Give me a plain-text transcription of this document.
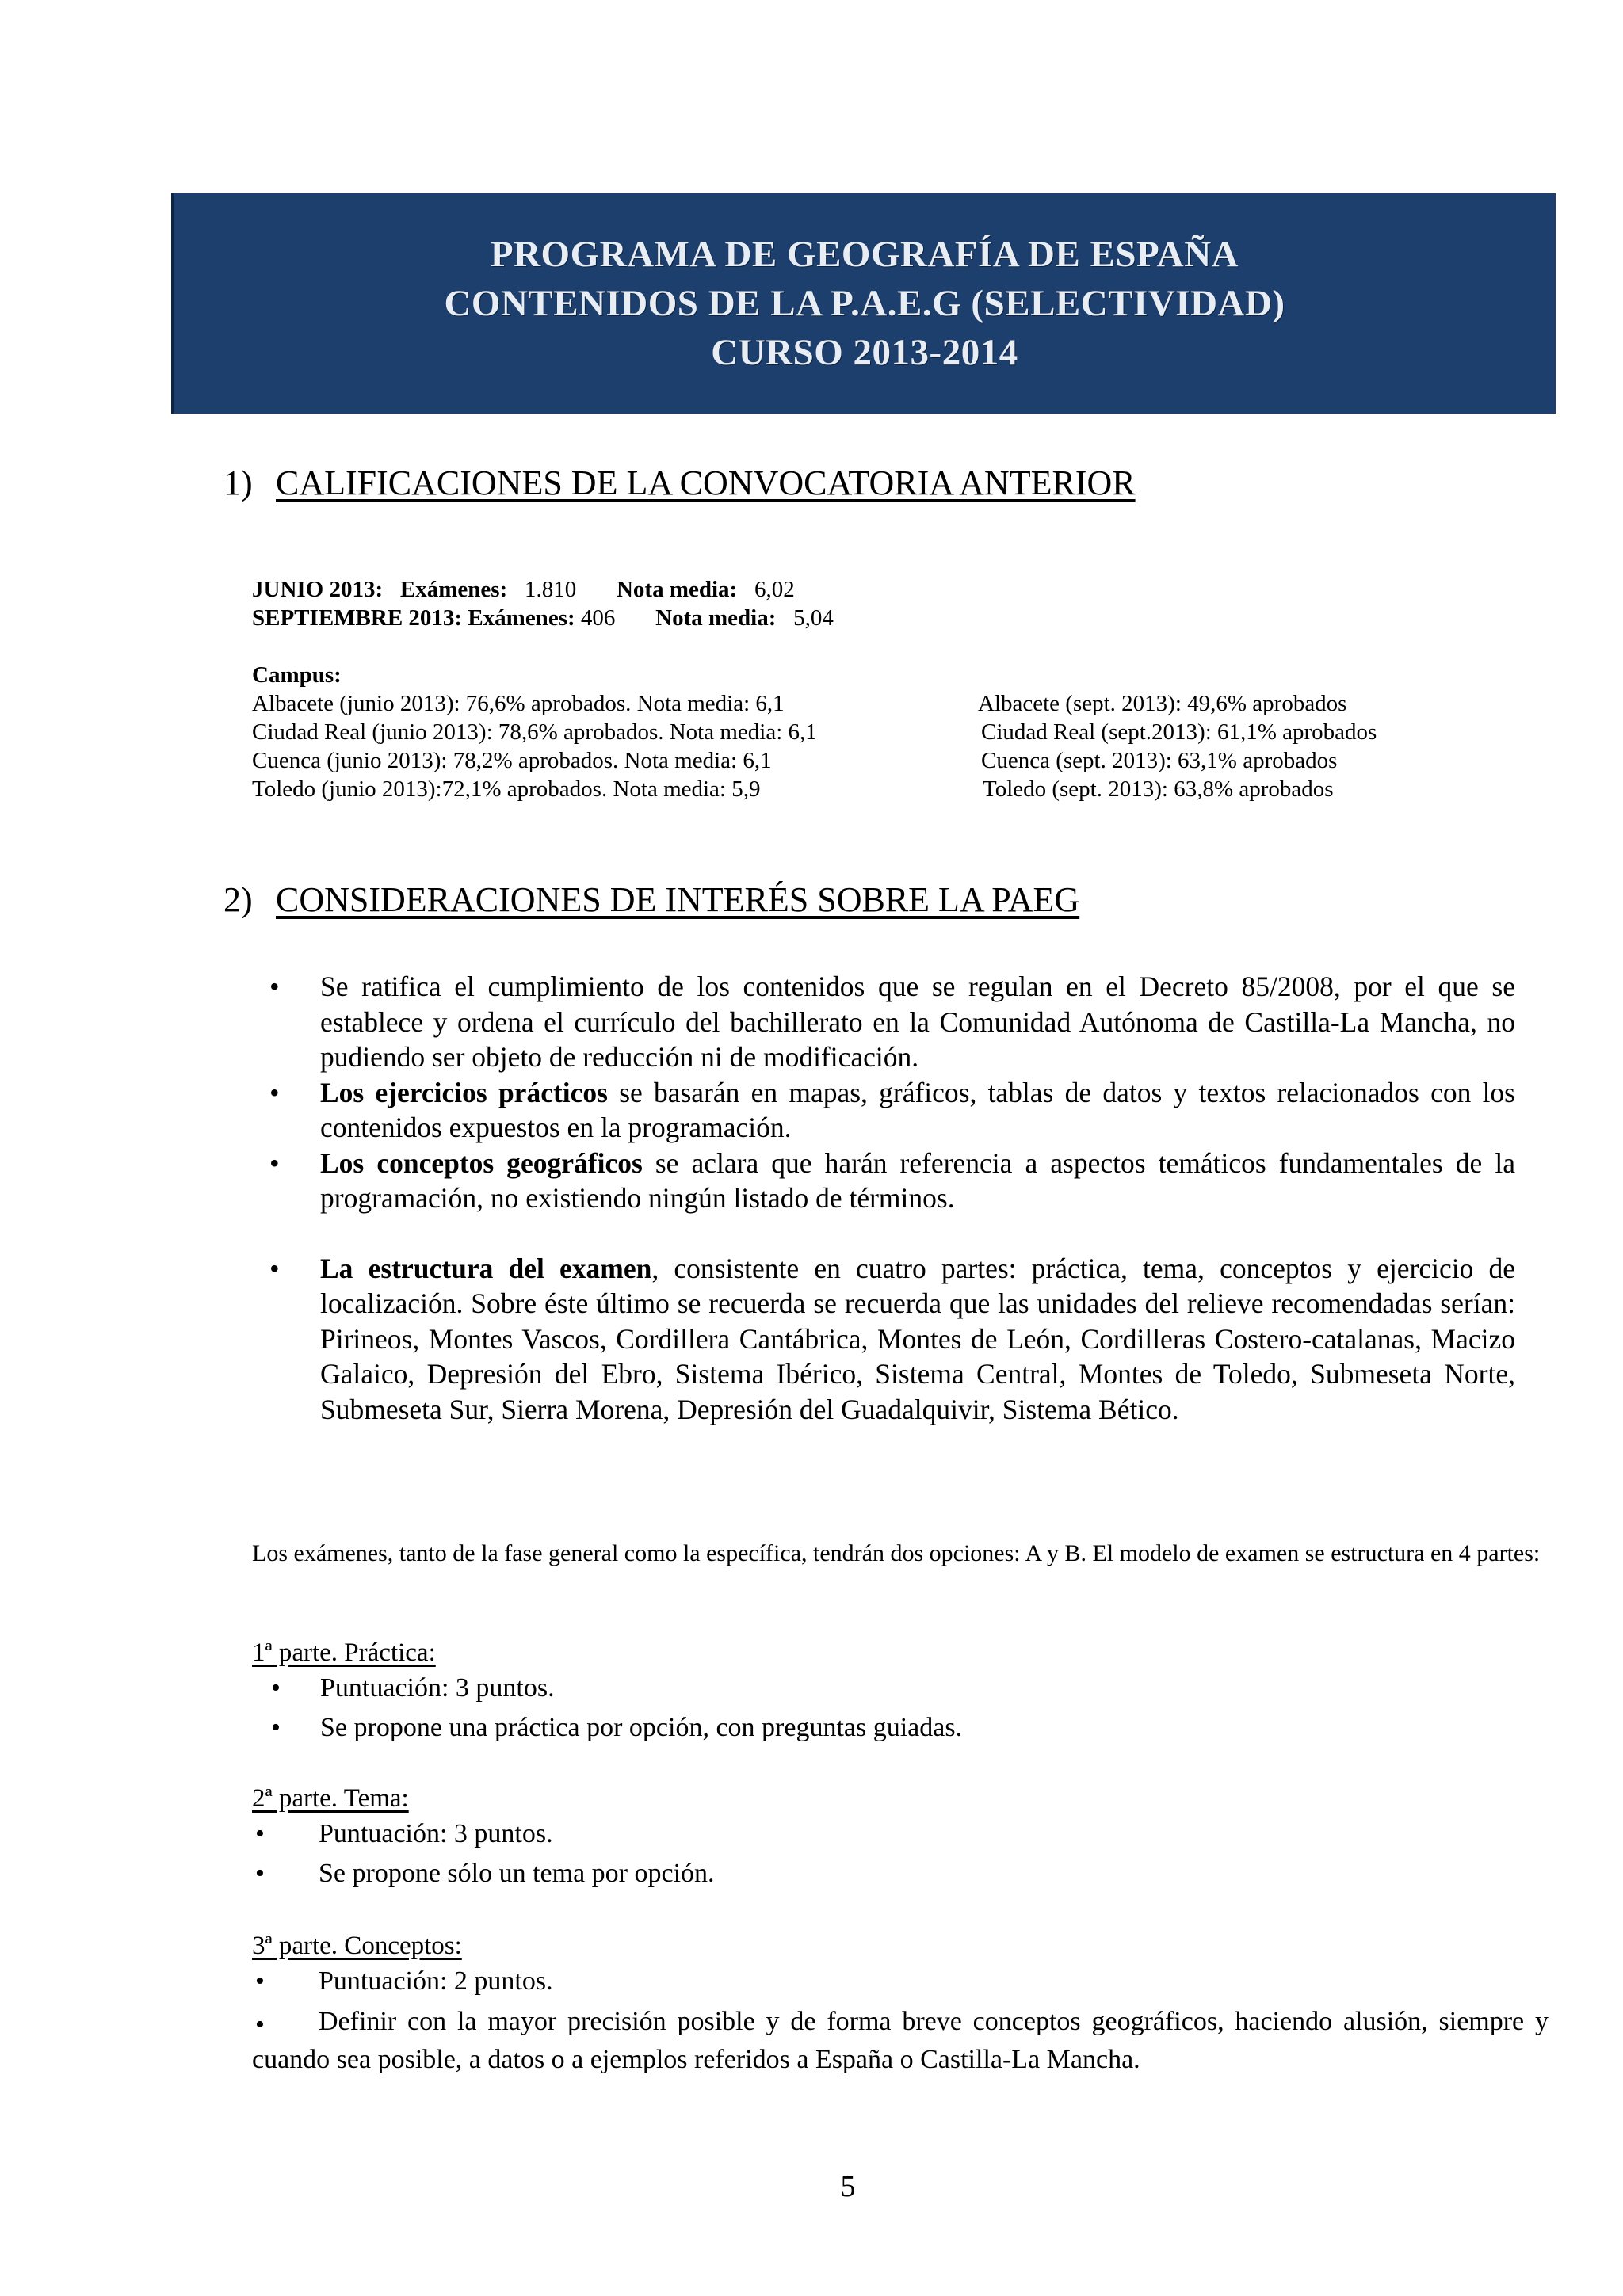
PROGRAMA DE GEOGRAFÍA DE ESPAÑA
CONTENIDOS DE LA P.A.E.G (SELECTIVIDAD)
CURSO 2013-2014
1) CALIFICACIONES DE LA CONVOCATORIA ANTERIOR
JUNIO 2013: Exámenes: 1.810 Nota media: 6,02
SEPTIEMBRE 2013: Exámenes: 406 Nota media: 5,04
Campus:
Albacete (junio 2013): 76,6% aprobados. Nota media: 6,1
Ciudad Real (junio 2013): 78,6% aprobados. Nota media: 6,1
Cuenca (junio 2013): 78,2% aprobados. Nota media: 6,1
Toledo (junio 2013):72,1% aprobados. Nota media: 5,9
Albacete (sept. 2013): 49,6% aprobados
Ciudad Real (sept.2013): 61,1% aprobados
Cuenca (sept. 2013): 63,1% aprobados
Toledo (sept. 2013): 63,8% aprobados
2) CONSIDERACIONES DE INTERÉS SOBRE LA PAEG
• Se ratifica el cumplimiento de los contenidos que se regulan en el Decreto 85/2008, por el que se establece y ordena el currículo del bachillerato en la Comunidad Autónoma de Castilla-La Mancha, no pudiendo ser objeto de reducción ni de modificación.
• Los ejercicios prácticos se basarán en mapas, gráficos, tablas de datos y textos relacionados con los contenidos expuestos en la programación.
• Los conceptos geográficos se aclara que harán referencia a aspectos temáticos fundamentales de la programación, no existiendo ningún listado de términos.
• La estructura del examen, consistente en cuatro partes: práctica, tema, conceptos y ejercicio de localización. Sobre éste último se recuerda se recuerda que las unidades del relieve recomendadas serían: Pirineos, Montes Vascos, Cordillera Cantábrica, Montes de León, Cordilleras Costero-catalanas, Macizo Galaico, Depresión del Ebro, Sistema Ibérico, Sistema Central, Montes de Toledo, Submeseta Norte, Submeseta Sur, Sierra Morena, Depresión del Guadalquivir, Sistema Bético.
Los exámenes, tanto de la fase general como la específica, tendrán dos opciones: A y B. El modelo de examen se estructura en 4 partes:
1ª parte. Práctica:
• Puntuación: 3 puntos.
• Se propone una práctica por opción, con preguntas guiadas.
2ª parte. Tema:
• Puntuación: 3 puntos.
• Se propone sólo un tema por opción.
3ª parte. Conceptos:
• Puntuación: 2 puntos.
Definir con la mayor precisión posible y de forma breve conceptos geográficos, haciendo alusión, siempre y cuando sea posible, a datos o a ejemplos referidos a España o Castilla-La Mancha.
5
